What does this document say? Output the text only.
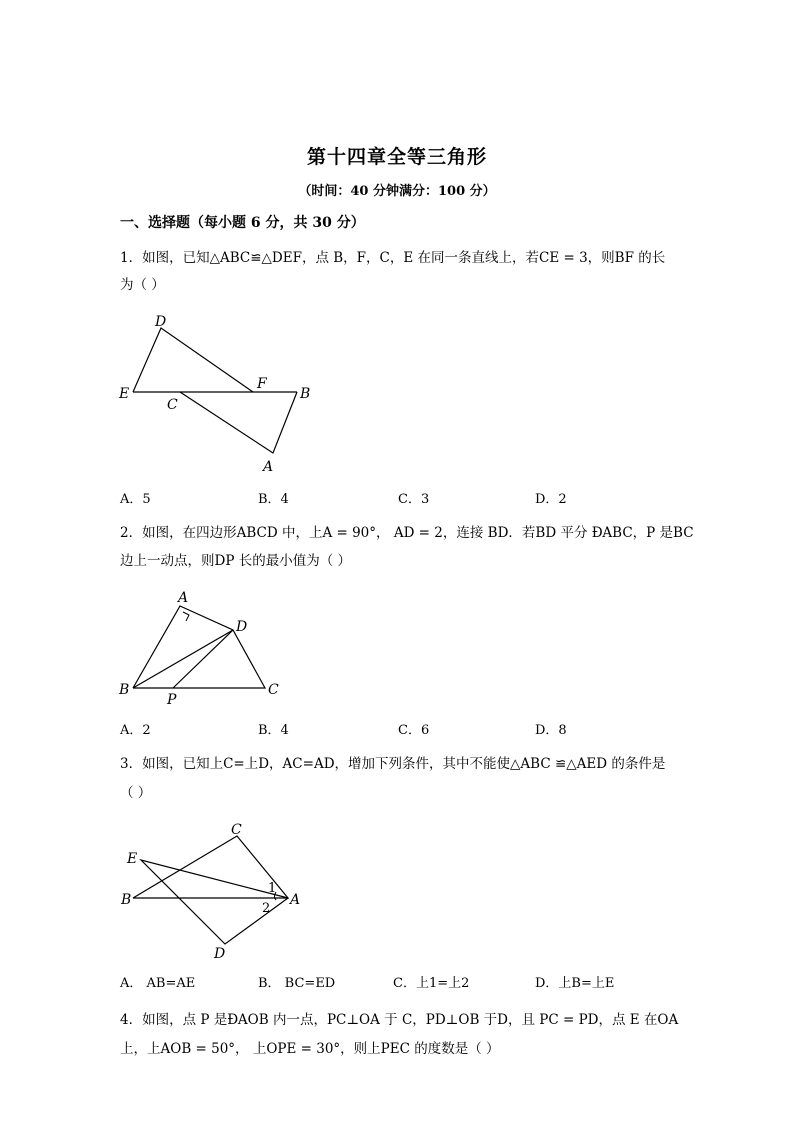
第十四章全等三角形
（时间：40 分钟满分：100 分）
一、选择题（每小题 6 分，共 30 分）
1．如图，已知△ABC≌△DEF，点 B，F，C，E 在同一条直线上，若CE = 3，则BF 的长
为（ ）
D
E
C
F
B
A
A．5	B．4	C．3	D．2
2．如图，在四边形ABCD 中，上A = 90°， AD = 2，连接 BD．若BD 平分 ÐABC，P 是BC
边上一动点，则DP 长的最小值为（ ）
A
D
B
P
C
A．2	B．4	C．6	D．8
3．如图，已知上C=上D，AC=AD，增加下列条件，其中不能使△ABC ≌△AED 的条件是
（ ）
C
E
B	A
D
1
2
A． AB=AE	B． BC=ED	C．上1=上2	D．上B=上E
4．如图，点 P 是ÐAOB 内一点，PC⊥OA 于 C，PD⊥OB 于D，且 PC = PD，点 E 在OA
上，上AOB = 50°， 上OPE = 30°，则上PEC 的度数是（ ）
